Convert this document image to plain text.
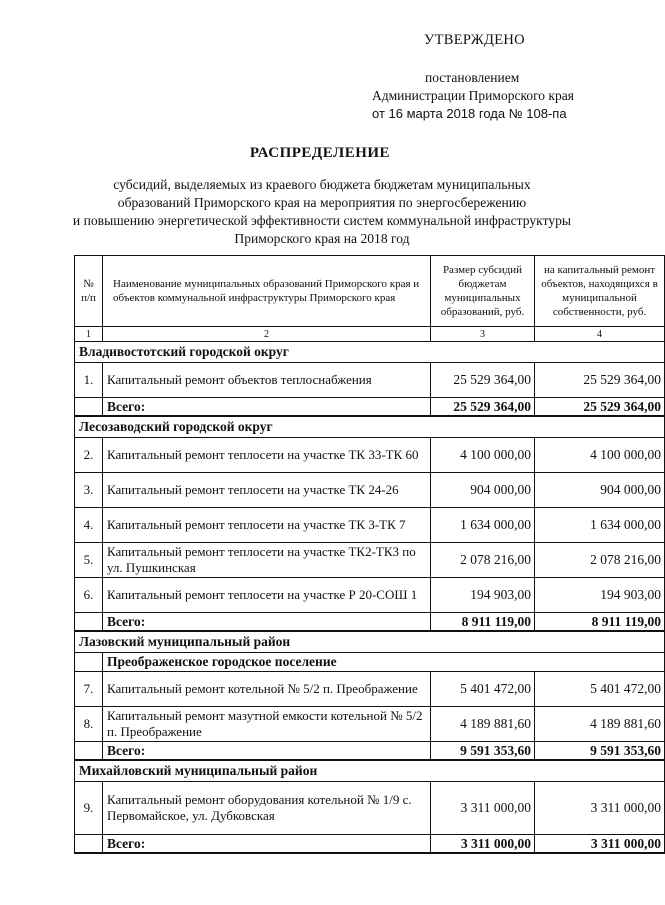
УТВЕРЖДЕНО
постановлением
Администрации Приморского края
от 16 марта 2018 года № 108-па
РАСПРЕДЕЛЕНИЕ
субсидий, выделяемых из краевого бюджета бюджетам муниципальных
образований Приморского края на мероприятия по энергосбережению
и повышению энергетической эффективности систем коммунальной инфраструктуры
Приморского края на 2018 год
№ п/п	Наименование муниципальных образований Приморского края и объектов коммунальной инфраструктуры Приморского края	Размер субсидий бюджетам муниципальных образований, руб.	на капитальный ремонт объектов, находящихся в муниципальной собственности, руб.
1	2	3	4
Владивостотский городской округ			
1.	Капитальный ремонт объектов теплоснабжения	25 529 364,00	25 529 364,00
	Всего:	25 529 364,00	25 529 364,00
Лесозаводский городской округ			
2.	Капитальный ремонт теплосети на участке ТК 33-ТК 60	4 100 000,00	4 100 000,00
3.	Капитальный ремонт теплосети на участке ТК 24-26	904 000,00	904 000,00
4.	Капитальный ремонт теплосети на участке ТК 3-ТК 7	1 634 000,00	1 634 000,00
5.	Капитальный ремонт теплосети на участке ТК2-ТК3 по ул. Пушкинская	2 078 216,00	2 078 216,00
6.	Капитальный ремонт теплосети на участке Р 20-СОШ 1	194 903,00	194 903,00
	Всего:	8 911 119,00	8 911 119,00
Лазовский муниципальный район			
	Преображенское городское поселение		
7.	Капитальный ремонт котельной № 5/2 п. Преображение	5 401 472,00	5 401 472,00
8.	Капитальный ремонт мазутной емкости котельной № 5/2 п. Преображение	4 189 881,60	4 189 881,60
	Всего:	9 591 353,60	9 591 353,60
Михайловский муниципальный район			
9.	Капитальный ремонт оборудования котельной № 1/9 с. Первомайское, ул. Дубковская	3 311 000,00	3 311 000,00
	Всего:	3 311 000,00	3 311 000,00
